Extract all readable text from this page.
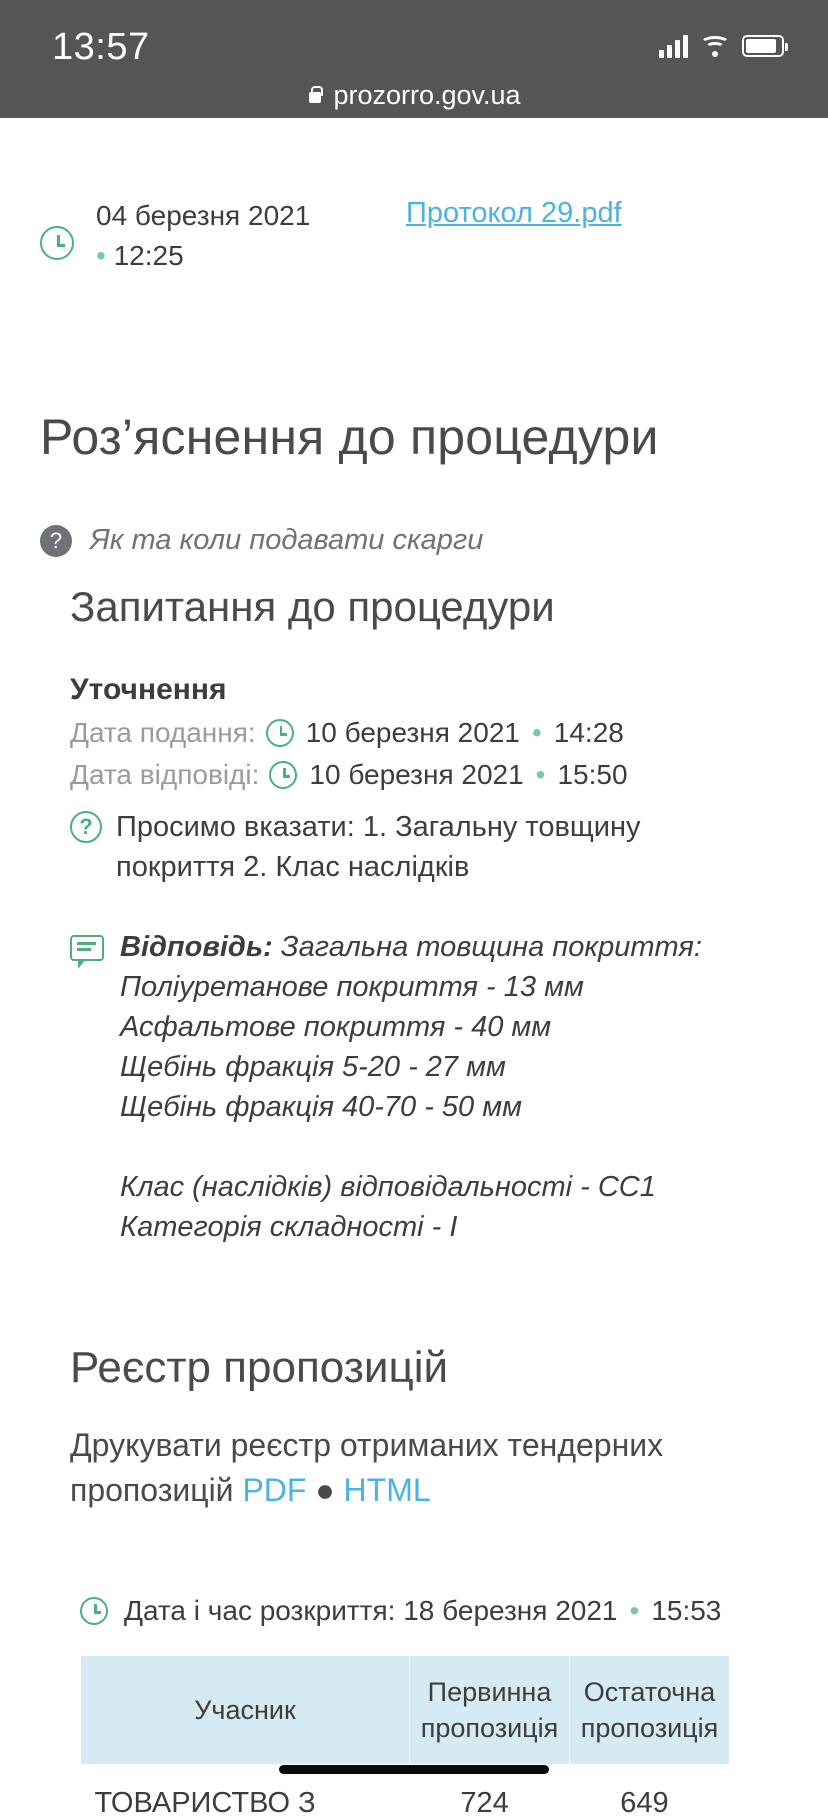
13:57
prozorro.gov.ua
04 березня 2021
• 12:25
Протокол 29.pdf
Роз’яснення до процедури
? Як та коли подавати скарги
Запитання до процедури
Уточнення
Дата подання: 10 березня 2021 • 14:28
Дата відповіді: 10 березня 2021 • 15:50
? Просимо вказати: 1. Загальну товщину покриття 2. Клас наслідків

Відповідь: Загальна товщина покриття:

Поліуретанове покриття - 13 мм

Асфальтове покриття - 40 мм

Щебінь фракція 5-20 - 27 мм

Щебінь фракція 40-70 - 50 мм

Клас (наслідків) відповідальності - СС1

Категорія складності - I

Реєстр пропозицій
Друкувати реєстр отриманих тендерних пропозицій PDF ● HTML
Дата і час розкриття: 18 березня 2021 • 15:53
Учасник	Первинна пропозиція	Остаточна пропозиція
ТОВАРИСТВО З	724	649
